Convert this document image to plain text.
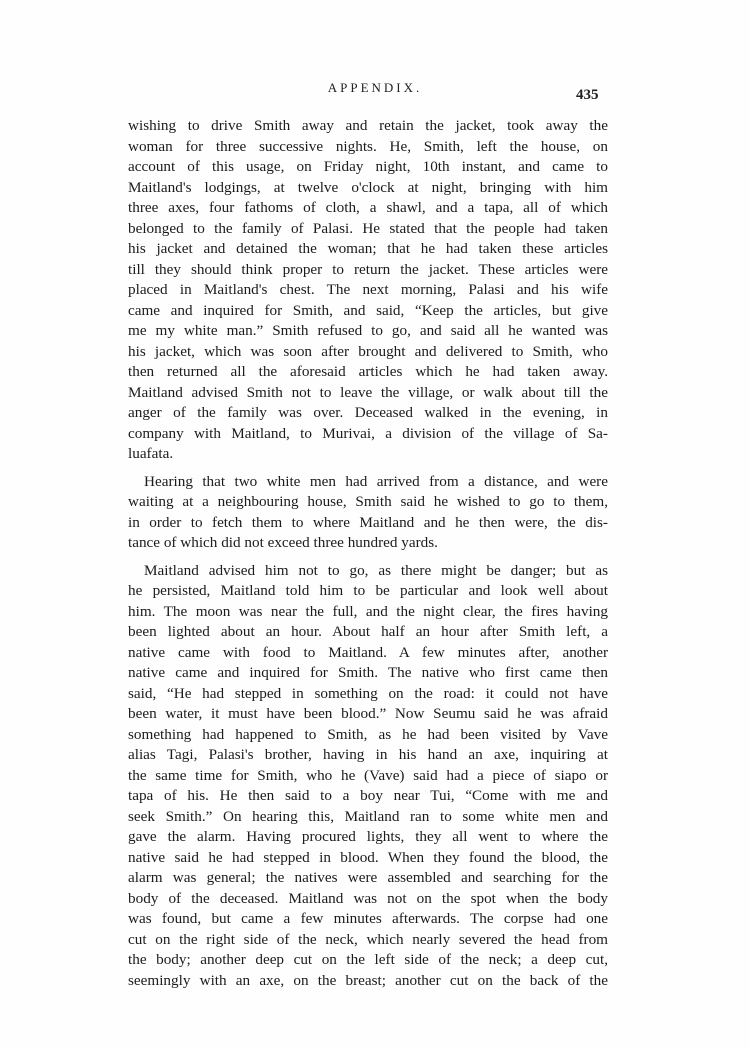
APPENDIX.	435
wishing to drive Smith away and retain the jacket, took away the
woman for three successive nights. He, Smith, left the house, on
account of this usage, on Friday night, 10th instant, and came to
Maitland's lodgings, at twelve o'clock at night, bringing with him
three axes, four fathoms of cloth, a shawl, and a tapa, all of which
belonged to the family of Palasi. He stated that the people had taken
his jacket and detained the woman; that he had taken these articles
till they should think proper to return the jacket. These articles were
placed in Maitland's chest. The next morning, Palasi and his wife
came and inquired for Smith, and said, “Keep the articles, but give
me my white man.” Smith refused to go, and said all he wanted was
his jacket, which was soon after brought and delivered to Smith, who
then returned all the aforesaid articles which he had taken away.
Maitland advised Smith not to leave the village, or walk about till the
anger of the family was over. Deceased walked in the evening, in
company with Maitland, to Murivai, a division of the village of Sa-
luafata.
Hearing that two white men had arrived from a distance, and were
waiting at a neighbouring house, Smith said he wished to go to them,
in order to fetch them to where Maitland and he then were, the dis-
tance of which did not exceed three hundred yards.
Maitland advised him not to go, as there might be danger; but as
he persisted, Maitland told him to be particular and look well about
him. The moon was near the full, and the night clear, the fires having
been lighted about an hour. About half an hour after Smith left, a
native came with food to Maitland. A few minutes after, another
native came and inquired for Smith. The native who first came then
said, “He had stepped in something on the road: it could not have
been water, it must have been blood.” Now Seumu said he was afraid
something had happened to Smith, as he had been visited by Vave
alias Tagi, Palasi's brother, having in his hand an axe, inquiring at
the same time for Smith, who he (Vave) said had a piece of siapo or
tapa of his. He then said to a boy near Tui, “Come with me and
seek Smith.” On hearing this, Maitland ran to some white men and
gave the alarm. Having procured lights, they all went to where the
native said he had stepped in blood. When they found the blood, the
alarm was general; the natives were assembled and searching for the
body of the deceased. Maitland was not on the spot when the body
was found, but came a few minutes afterwards. The corpse had one
cut on the right side of the neck, which nearly severed the head from
the body; another deep cut on the left side of the neck; a deep cut,
seemingly with an axe, on the breast; another cut on the back of the
